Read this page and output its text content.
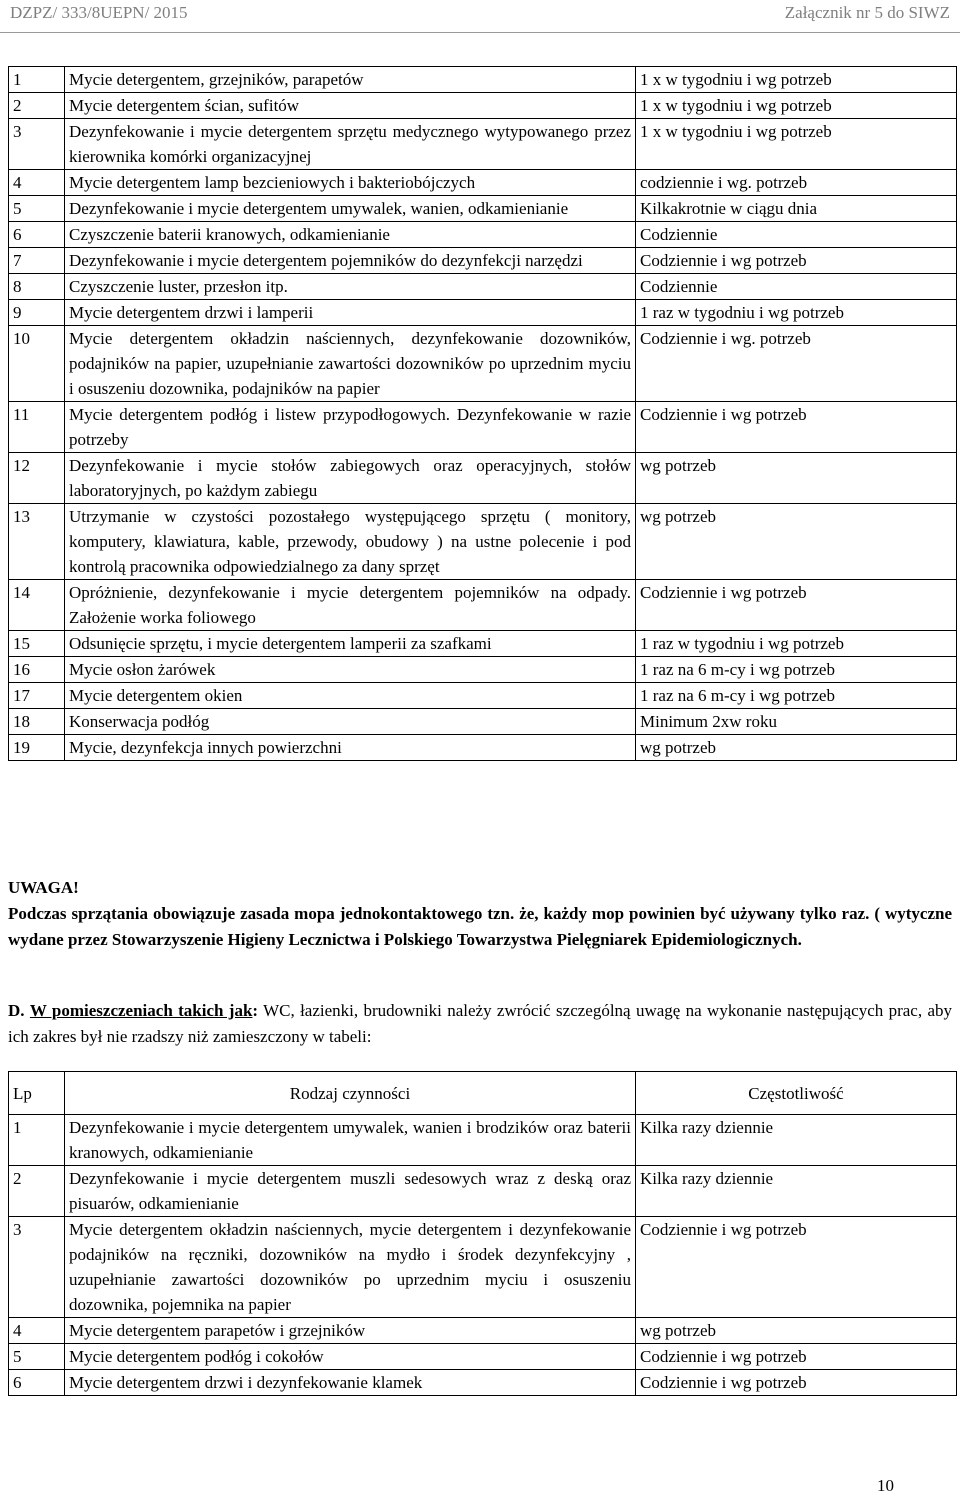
DZPZ/ 333/8UEPN/ 2015	Załącznik nr 5 do SIWZ
1	Mycie detergentem, grzejników, parapetów	1 x w tygodniu i wg potrzeb
2	Mycie detergentem ścian, sufitów	1 x w tygodniu i wg potrzeb
3	Dezynfekowanie i mycie detergentem sprzętu medycznego wytypowanego przez kierownika komórki organizacyjnej	1 x w tygodniu i wg potrzeb
4	Mycie detergentem lamp bezcieniowych i bakteriobójczych	codziennie i wg. potrzeb
5	Dezynfekowanie i mycie detergentem umywalek, wanien, odkamienianie	Kilkakrotnie w ciągu dnia
6	Czyszczenie baterii kranowych, odkamienianie	Codziennie
7	Dezynfekowanie i mycie detergentem pojemników do dezynfekcji narzędzi	Codziennie i wg potrzeb
8	Czyszczenie luster, przesłon itp.	Codziennie
9	Mycie detergentem drzwi i lamperii	1 raz w tygodniu i wg potrzeb
10	Mycie detergentem okładzin naściennych, dezynfekowanie dozowników, podajników na papier, uzupełnianie zawartości dozowników po uprzednim myciu i osuszeniu dozownika, podajników na papier	Codziennie i wg. potrzeb
11	Mycie detergentem podłóg i listew przypodłogowych. Dezynfekowanie w razie potrzeby	Codziennie i wg potrzeb
12	Dezynfekowanie i mycie stołów zabiegowych oraz operacyjnych, stołów laboratoryjnych, po każdym zabiegu	wg potrzeb
13	Utrzymanie w czystości pozostałego występującego sprzętu ( monitory, komputery, klawiatura, kable, przewody, obudowy ) na ustne polecenie i pod kontrolą pracownika odpowiedzialnego za dany sprzęt	wg potrzeb
14	Opróżnienie, dezynfekowanie i mycie detergentem pojemników na odpady. Założenie worka foliowego	Codziennie i wg potrzeb
15	Odsunięcie sprzętu, i mycie detergentem lamperii za szafkami	1 raz w tygodniu i wg potrzeb
16	Mycie osłon żarówek	1 raz na 6 m-cy i wg potrzeb
17	Mycie detergentem okien	1 raz na 6 m-cy i wg potrzeb
18	Konserwacja podłóg	Minimum 2xw roku
19	Mycie, dezynfekcja innych powierzchni	wg potrzeb
UWAGA!
Podczas sprzątania obowiązuje zasada mopa jednokontaktowego tzn. że, każdy mop powinien być używany tylko raz. ( wytyczne wydane przez Stowarzyszenie Higieny Lecznictwa i Polskiego Towarzystwa Pielęgniarek Epidemiologicznych.
D. W pomieszczeniach takich jak: WC, łazienki, brudowniki należy zwrócić szczególną uwagę na wykonanie następujących prac, aby ich zakres był nie rzadszy niż zamieszczony w tabeli:
Lp	Rodzaj czynności	Częstotliwość
1	Dezynfekowanie i mycie detergentem umywalek, wanien i brodzików oraz baterii kranowych, odkamienianie	Kilka razy dziennie
2	Dezynfekowanie i mycie detergentem muszli sedesowych wraz z deską oraz pisuarów, odkamienianie	Kilka razy dziennie
3	Mycie detergentem okładzin naściennych, mycie detergentem i dezynfekowanie podajników na ręczniki, dozowników na mydło i środek dezynfekcyjny , uzupełnianie zawartości dozowników po uprzednim myciu i osuszeniu dozownika, pojemnika na papier	Codziennie i wg potrzeb
4	Mycie detergentem parapetów i grzejników	wg potrzeb
5	Mycie detergentem podłóg i cokołów	Codziennie i wg potrzeb
6	Mycie detergentem drzwi i dezynfekowanie klamek	Codziennie i wg potrzeb
10
